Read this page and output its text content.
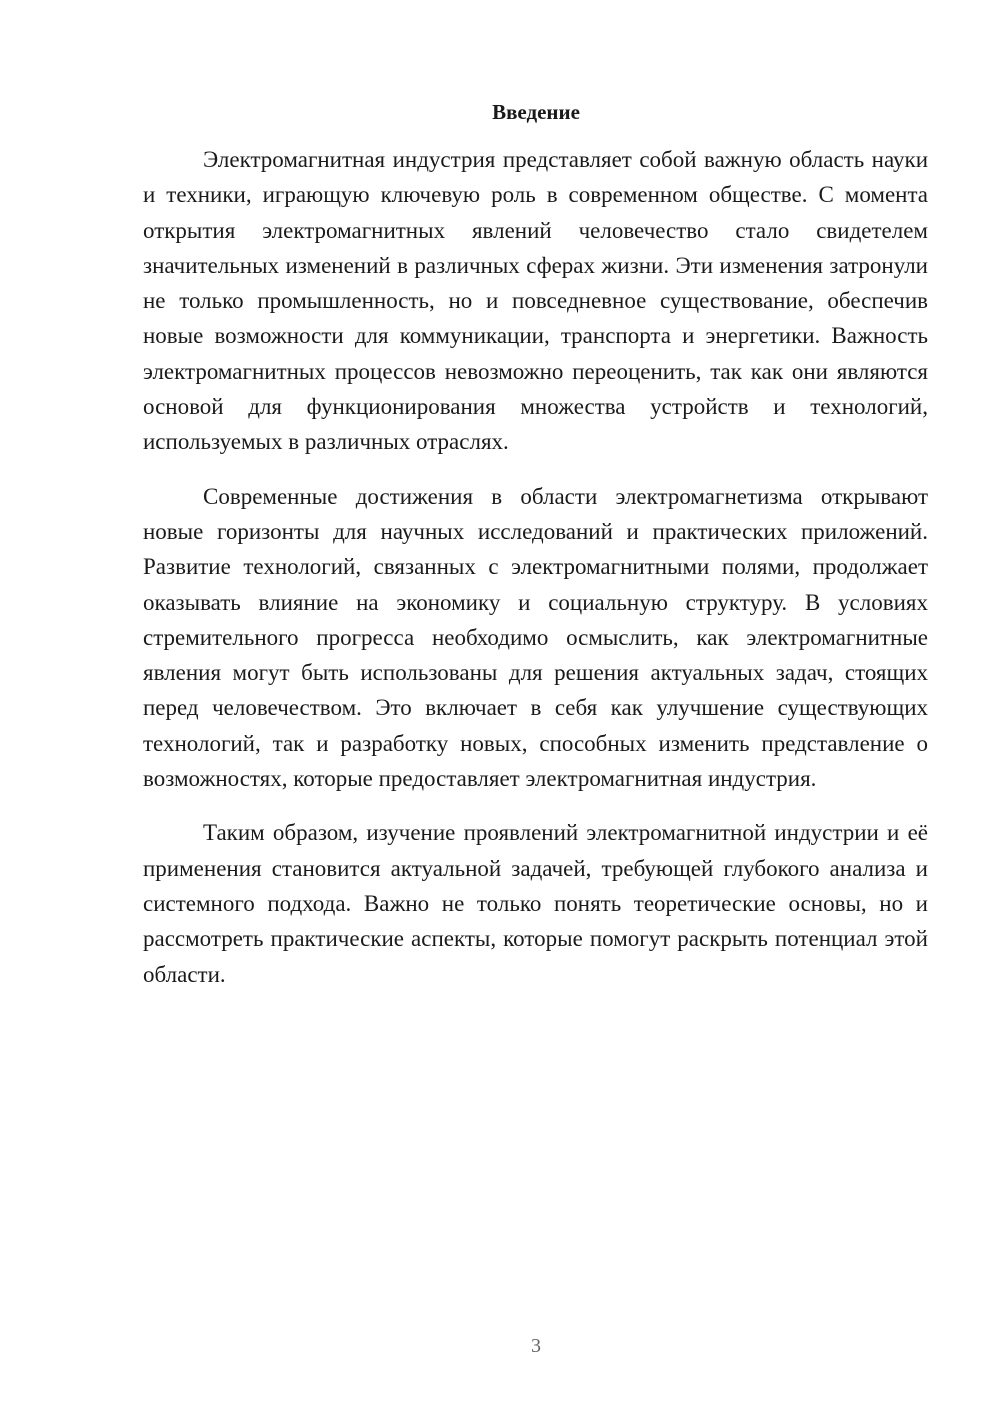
Введение

Электромагнитная индустрия представляет собой важную область науки и техники, играющую ключевую роль в современном обществе. С момента открытия электромагнитных явлений человечество стало свидетелем значительных изменений в различных сферах жизни. Эти изменения затронули не только промышленность, но и повседневное существование, обеспечив новые возможности для коммуникации, транспорта и энергетики. Важность электромагнитных процессов невозможно переоценить, так как они являются основой для функционирования множества устройств и технологий, используемых в различных отраслях.

Современные достижения в области электромагнетизма открывают новые горизонты для научных исследований и практических приложений. Развитие технологий, связанных с электромагнитными полями, продолжает оказывать влияние на экономику и социальную структуру. В условиях стремительного прогресса необходимо осмыслить, как электромагнитные явления могут быть использованы для решения актуальных задач, стоящих перед человечеством. Это включает в себя как улучшение существующих технологий, так и разработку новых, способных изменить представление о возможностях, которые предоставляет электромагнитная индустрия.

Таким образом, изучение проявлений электромагнитной индустрии и её применения становится актуальной задачей, требующей глубокого анализа и системного подхода. Важно не только понять теоретические основы, но и рассмотреть практические аспекты, которые помогут раскрыть потенциал этой области.

3
